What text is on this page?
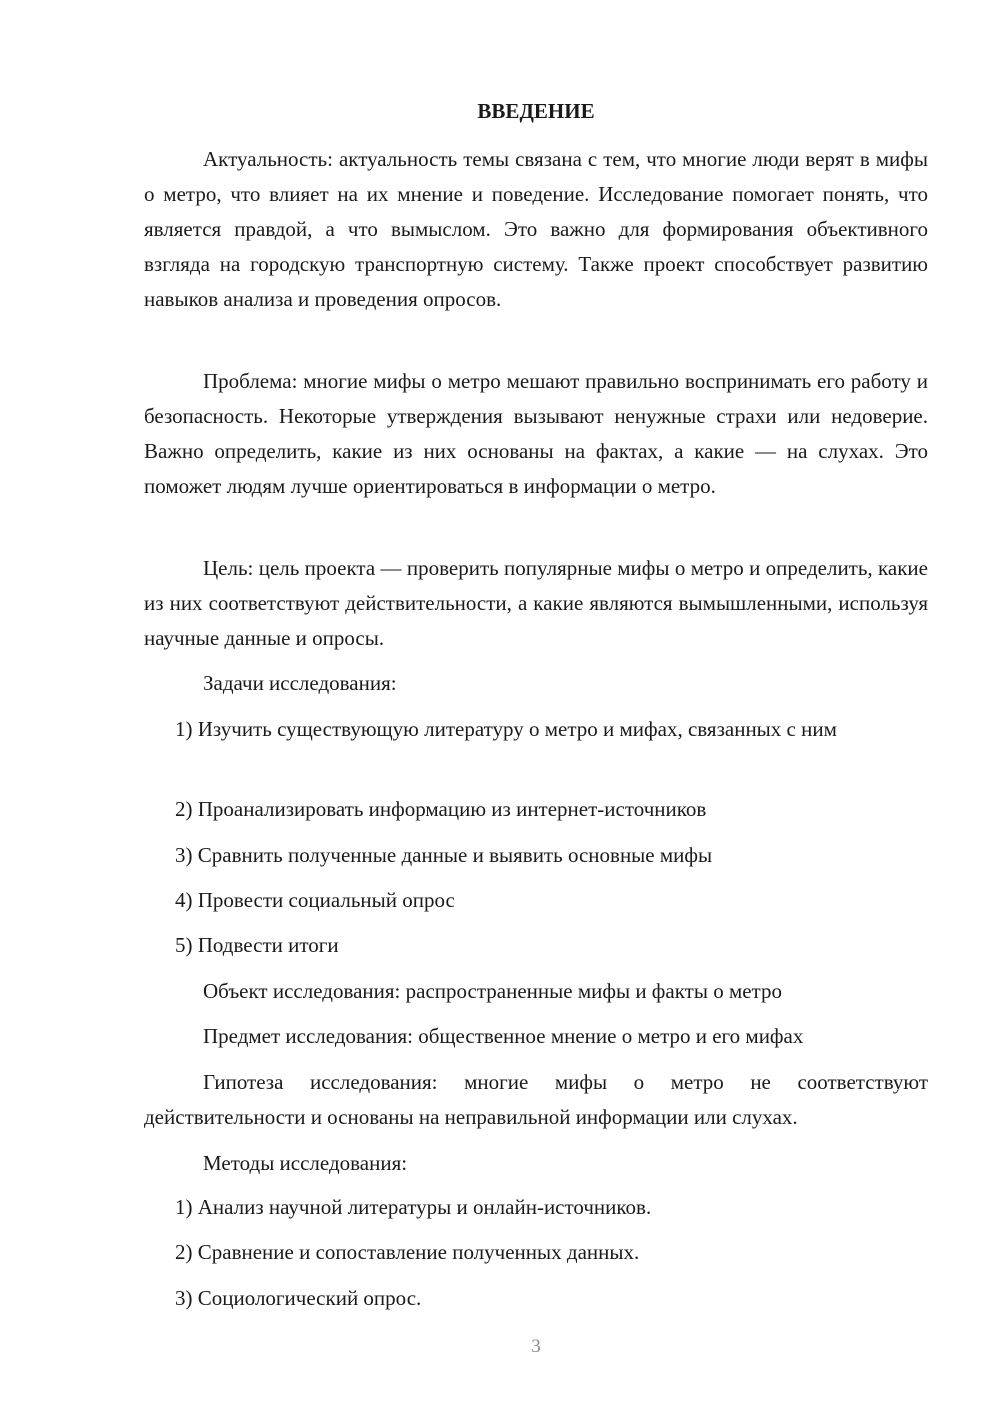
ВВЕДЕНИЕ

Актуальность: актуальность темы связана с тем, что многие люди верят в мифы о метро, что влияет на их мнение и поведение. Исследование помогает понять, что является правдой, а что вымыслом. Это важно для формирования объективного взгляда на городскую транспортную систему. Также проект способствует развитию навыков анализа и проведения опросов.

Проблема: многие мифы о метро мешают правильно воспринимать его работу и безопасность. Некоторые утверждения вызывают ненужные страхи или недоверие. Важно определить, какие из них основаны на фактах, а какие — на слухах. Это поможет людям лучше ориентироваться в информации о метро.

Цель: цель проекта — проверить популярные мифы о метро и определить, какие из них соответствуют действительности, а какие являются вымышленными, используя научные данные и опросы.

Задачи исследования:

1) Изучить существующую литературу о метро и мифах, связанных с ним

2) Проанализировать информацию из интернет-источников
3) Сравнить полученные данные и выявить основные мифы
4) Провести социальный опрос
5) Подвести итоги
Объект исследования: распространенные мифы и факты о метро
Предмет исследования: общественное мнение о метро и его мифах

Гипотеза исследования: многие мифы о метро не соответствуют действительности и основаны на неправильной информации или слухах.

Методы исследования:
1) Анализ научной литературы и онлайн-источников.
2) Сравнение и сопоставление полученных данных.
3) Социологический опрос.
3
